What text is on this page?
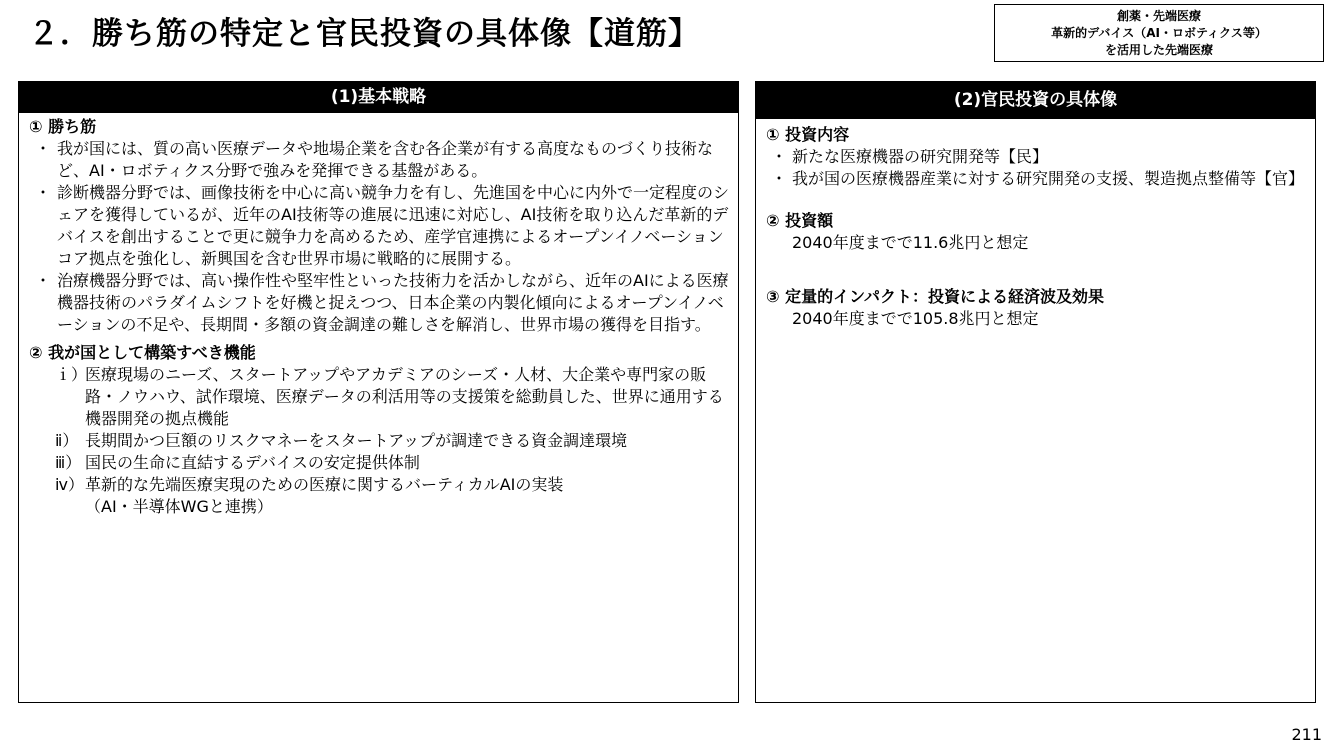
２．勝ち筋の特定と官民投資の具体像【道筋】
創薬・先端医療
革新的デバイス（AI・ロボティクス等）
を活用した先端医療
(1)基本戦略
① 勝ち筋
・ 我が国には、質の高い医療データや地場企業を含む各企業が有する高度なものづくり技術など、AI・ロボティクス分野で強みを発揮できる基盤がある。
・ 診断機器分野では、画像技術を中心に高い競争力を有し、先進国を中心に内外で一定程度のシェアを獲得しているが、近年のAI技術等の進展に迅速に対応し、AI技術を取り込んだ革新的デバイスを創出することで更に競争力を高めるため、産学官連携によるオープンイノベーションコア拠点を強化し、新興国を含む世界市場に戦略的に展開する。
・ 治療機器分野では、高い操作性や堅牢性といった技術力を活かしながら、近年のAIによる医療機器技術のパラダイムシフトを好機と捉えつつ、日本企業の内製化傾向によるオープンイノベーションの不足や、長期間・多額の資金調達の難しさを解消し、世界市場の獲得を目指す。
② 我が国として構築すべき機能
ｉ）
医療現場のニーズ、スタートアップやアカデミアのシーズ・人材、大企業や専門家の販路・ノウハウ、試作環境、医療データの利活用等の支援策を総動員した、世界に通用する機器開発の拠点機能
ⅱ） 長期間かつ巨額のリスクマネーをスタートアップが調達できる資金調達環境
ⅲ） 国民の生命に直結するデバイスの安定提供体制
ⅳ） 革新的な先端医療実現のための医療に関するバーティカルAIの実装
（AI・半導体WGと連携）
(2)官民投資の具体像
① 投資内容
・ 新たな医療機器の研究開発等【民】
・ 我が国の医療機器産業に対する研究開発の支援、製造拠点整備等【官】
② 投資額
2040年度までで11.6兆円と想定
③ 定量的インパクト：投資による経済波及効果
2040年度までで105.8兆円と想定
211
